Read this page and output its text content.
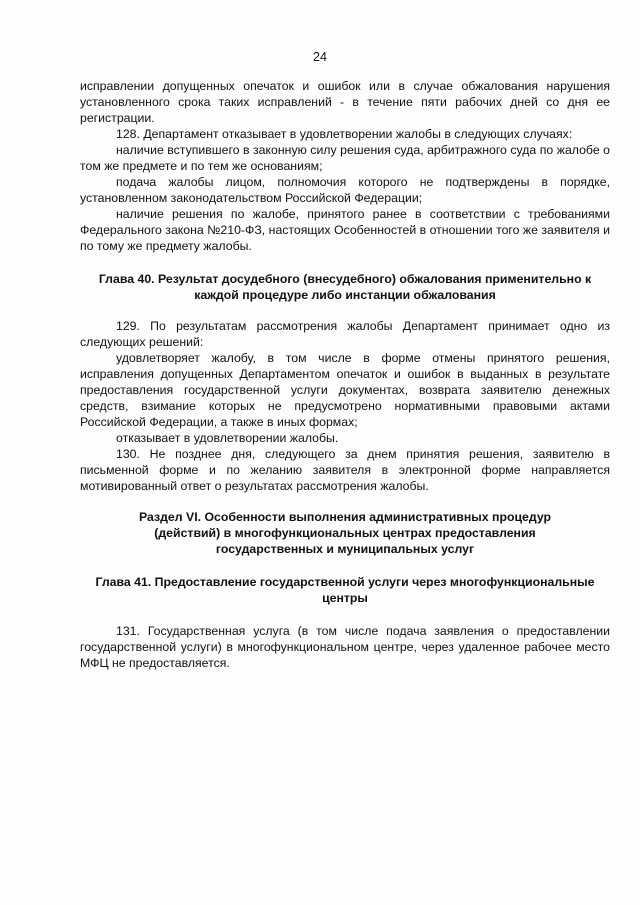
24

исправлении допущенных опечаток и ошибок или в случае обжалования нарушения установленного срока таких исправлений - в течение пяти рабочих дней со дня ее регистрации.

128. Департамент отказывает в удовлетворении жалобы в следующих случаях:

наличие вступившего в законную силу решения суда, арбитражного суда по жалобе о том же предмете и по тем же основаниям;

подача жалобы лицом, полномочия которого не подтверждены в порядке, установленном законодательством Российской Федерации;

наличие решения по жалобе, принятого ранее в соответствии с требованиями Федерального закона №210-ФЗ, настоящих Особенностей в отношении того же заявителя и по тому же предмету жалобы.

Глава 40. Результат досудебного (внесудебного) обжалования применительно к каждой процедуре либо инстанции обжалования

129. По результатам рассмотрения жалобы Департамент принимает одно из следующих решений:

удовлетворяет жалобу, в том числе в форме отмены принятого решения, исправления допущенных Департаментом опечаток и ошибок в выданных в результате предоставления государственной услуги документах, возврата заявителю денежных средств, взимание которых не предусмотрено нормативными правовыми актами Российской Федерации, а также в иных формах;

отказывает в удовлетворении жалобы.

130. Не позднее дня, следующего за днем принятия решения, заявителю в письменной форме и по желанию заявителя в электронной форме направляется мотивированный ответ о результатах рассмотрения жалобы.

Раздел VI. Особенности выполнения административных процедур (действий) в многофункциональных центрах предоставления государственных и муниципальных услуг

Глава 41. Предоставление государственной услуги через многофункциональные центры

131. Государственная услуга (в том числе подача заявления о предоставлении государственной услуги) в многофункциональном центре, через удаленное рабочее место МФЦ не предоставляется.
